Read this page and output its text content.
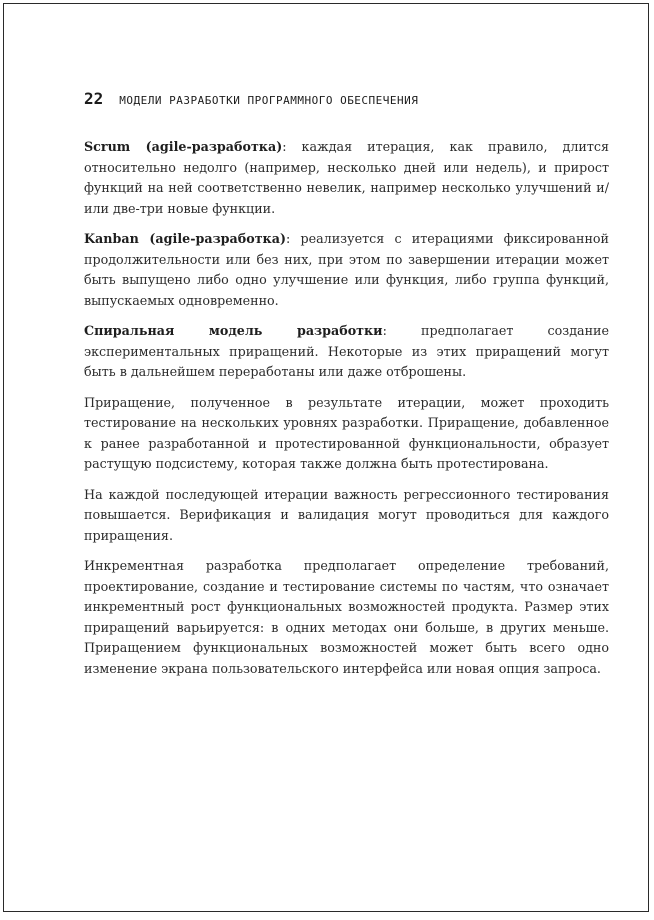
22 МОДЕЛИ РАЗРАБОТКИ ПРОГРАММНОГО ОБЕСПЕЧЕНИЯ

Scrum (agile-разработка): каждая итерация, как правило, длится относительно недолго (например, несколько дней или недель), и прирост функций на ней соответственно невелик, например несколько улучшений и/или две-три новые функции.

Kanban (agile-разработка): реализуется с итерациями фиксированной продолжительности или без них, при этом по завершении итерации может быть выпущено либо одно улучшение или функция, либо группа функций, выпускаемых одновременно.

Спиральная модель разработки: предполагает создание экспериментальных приращений. Некоторые из этих приращений могут быть в дальнейшем переработаны или даже отброшены.

Приращение, полученное в результате итерации, может проходить тестирование на нескольких уровнях разработки. Приращение, добавленное к ранее разработанной и протестированной функциональности, образует растущую подсистему, которая также должна быть протестирована.

На каждой последующей итерации важность регрессионного тестирования повышается. Верификация и валидация могут проводиться для каждого приращения.

Инкрементная разработка предполагает определение требований, проектирование, создание и тестирование системы по частям, что означает инкрементный рост функциональных возможностей продукта. Размер этих приращений варьируется: в одних методах они больше, в других меньше. Приращением функциональных возможностей может быть всего одно изменение экрана пользовательского интерфейса или новая опция запроса.
